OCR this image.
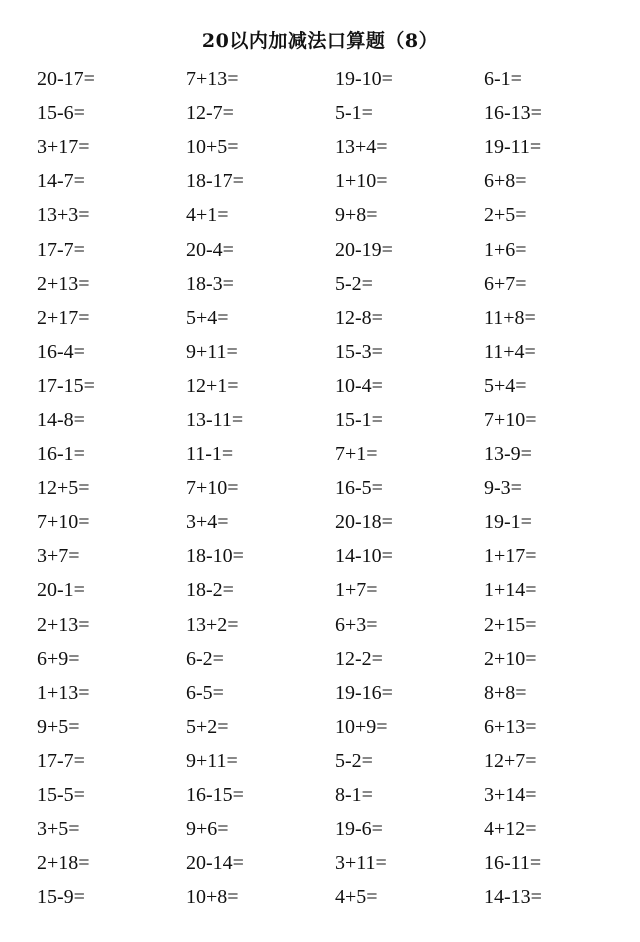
20以内加减法口算题（8）
20-17=	7+13=	19-10=	6-1=
15-6=	12-7=	5-1=	16-13=
3+17=	10+5=	13+4=	19-11=
14-7=	18-17=	1+10=	6+8=
13+3=	4+1=	9+8=	2+5=
17-7=	20-4=	20-19=	1+6=
2+13=	18-3=	5-2=	6+7=
2+17=	5+4=	12-8=	11+8=
16-4=	9+11=	15-3=	11+4=
17-15=	12+1=	10-4=	5+4=
14-8=	13-11=	15-1=	7+10=
16-1=	11-1=	7+1=	13-9=
12+5=	7+10=	16-5=	9-3=
7+10=	3+4=	20-18=	19-1=
3+7=	18-10=	14-10=	1+17=
20-1=	18-2=	1+7=	1+14=
2+13=	13+2=	6+3=	2+15=
6+9=	6-2=	12-2=	2+10=
1+13=	6-5=	19-16=	8+8=
9+5=	5+2=	10+9=	6+13=
17-7=	9+11=	5-2=	12+7=
15-5=	16-15=	8-1=	3+14=
3+5=	9+6=	19-6=	4+12=
2+18=	20-14=	3+11=	16-11=
15-9=	10+8=	4+5=	14-13=
